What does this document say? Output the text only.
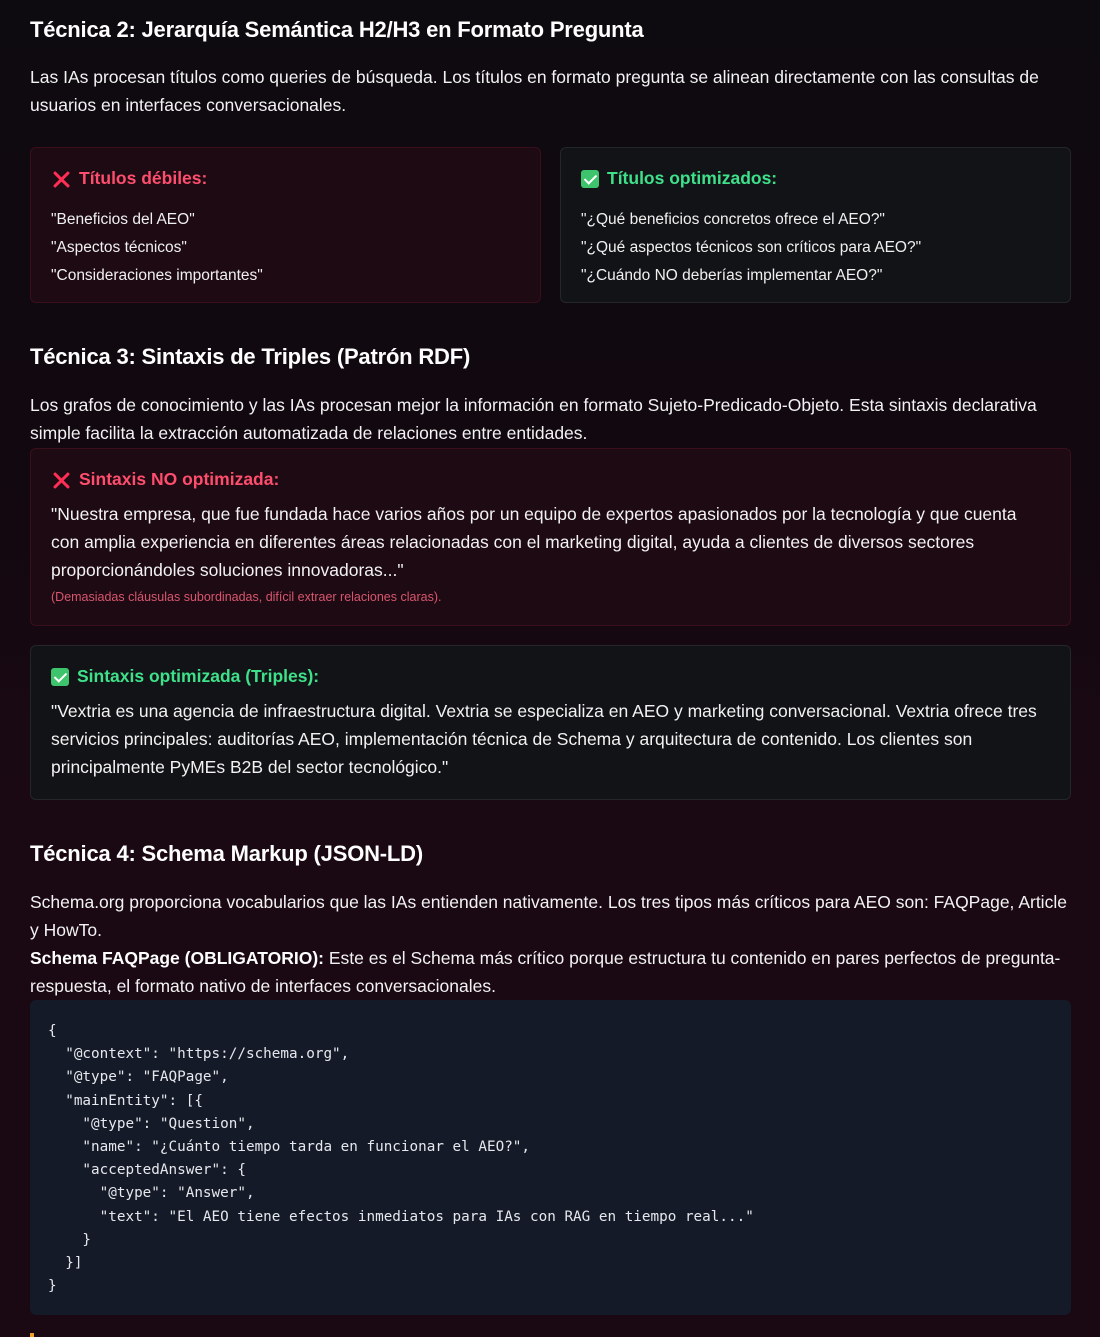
Técnica 2: Jerarquía Semántica H2/H3 en Formato Pregunta

Las IAs procesan títulos como queries de búsqueda. Los títulos en formato pregunta se alinean directamente con las consultas de usuarios en interfaces conversacionales.

Títulos débiles:
"Beneficios del AEO"
"Aspectos técnicos"
"Consideraciones importantes"
Títulos optimizados:
"¿Qué beneficios concretos ofrece el AEO?"
"¿Qué aspectos técnicos son críticos para AEO?"
"¿Cuándo NO deberías implementar AEO?"
Técnica 3: Sintaxis de Triples (Patrón RDF)

Los grafos de conocimiento y las IAs procesan mejor la información en formato Sujeto-Predicado-Objeto. Esta sintaxis declarativa simple facilita la extracción automatizada de relaciones entre entidades.

Sintaxis NO optimizada:

"Nuestra empresa, que fue fundada hace varios años por un equipo de expertos apasionados por la tecnología y que cuenta con amplia experiencia en diferentes áreas relacionadas con el marketing digital, ayuda a clientes de diversos sectores proporcionándoles soluciones innovadoras..."

(Demasiadas cláusulas subordinadas, difícil extraer relaciones claras).

Sintaxis optimizada (Triples):

"Vextria es una agencia de infraestructura digital. Vextria se especializa en AEO y marketing conversacional. Vextria ofrece tres servicios principales: auditorías AEO, implementación técnica de Schema y arquitectura de contenido. Los clientes son principalmente PyMEs B2B del sector tecnológico."

Técnica 4: Schema Markup (JSON-LD)

Schema.org proporciona vocabularios que las IAs entienden nativamente. Los tres tipos más críticos para AEO son: FAQPage, Article y HowTo.

Schema FAQPage (OBLIGATORIO): Este es el Schema más crítico porque estructura tu contenido en pares perfectos de pregunta-respuesta, el formato nativo de interfaces conversacionales.

{
"@context": "https://schema.org",
"@type": "FAQPage",
"mainEntity": [{
"@type": "Question",
"name": "¿Cuánto tiempo tarda en funcionar el AEO?",
"acceptedAnswer": {
"@type": "Answer",
"text": "El AEO tiene efectos inmediatos para IAs con RAG en tiempo real..."
}
}]
}
